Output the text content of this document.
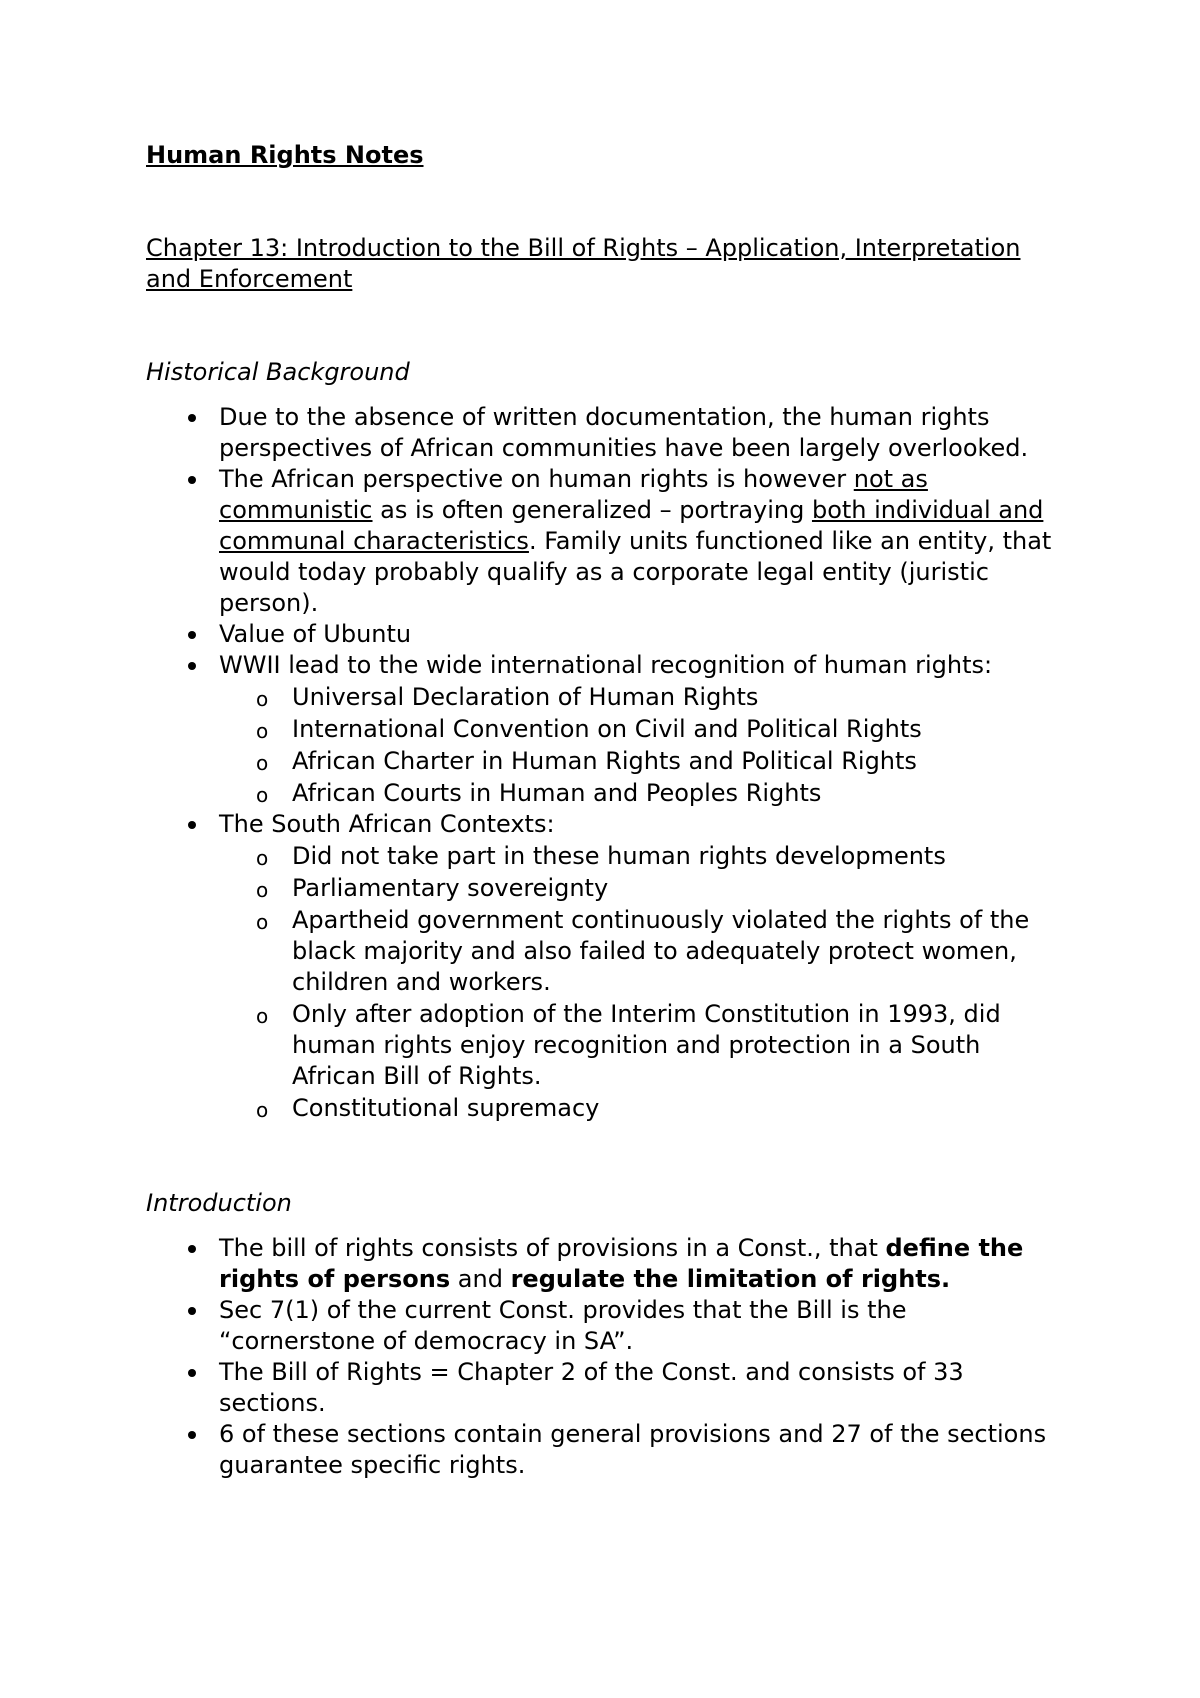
Human Rights Notes

Chapter 13: Introduction to the Bill of Rights – Application, Interpretation and Enforcement

Historical Background

Due to the absence of written documentation, the human rights perspectives of African communities have been largely overlooked.
The African perspective on human rights is however not as communistic as is often generalized – portraying both individual and communal characteristics. Family units functioned like an entity, that would today probably qualify as a corporate legal entity (juristic person).
Value of Ubuntu
WWII lead to the wide international recognition of human rights:
o Universal Declaration of Human Rights
o International Convention on Civil and Political Rights
o African Charter in Human Rights and Political Rights
o African Courts in Human and Peoples Rights
The South African Contexts:
o Did not take part in these human rights developments
o Parliamentary sovereignty
o Apartheid government continuously violated the rights of the black majority and also failed to adequately protect women, children and workers.
o Only after adoption of the Interim Constitution in 1993, did human rights enjoy recognition and protection in a South African Bill of Rights.
o Constitutional supremacy

Introduction

The bill of rights consists of provisions in a Const., that define the rights of persons and regulate the limitation of rights.
Sec 7(1) of the current Const. provides that the Bill is the “cornerstone of democracy in SA”.
The Bill of Rights = Chapter 2 of the Const. and consists of 33 sections.
6 of these sections contain general provisions and 27 of the sections guarantee specific rights.
